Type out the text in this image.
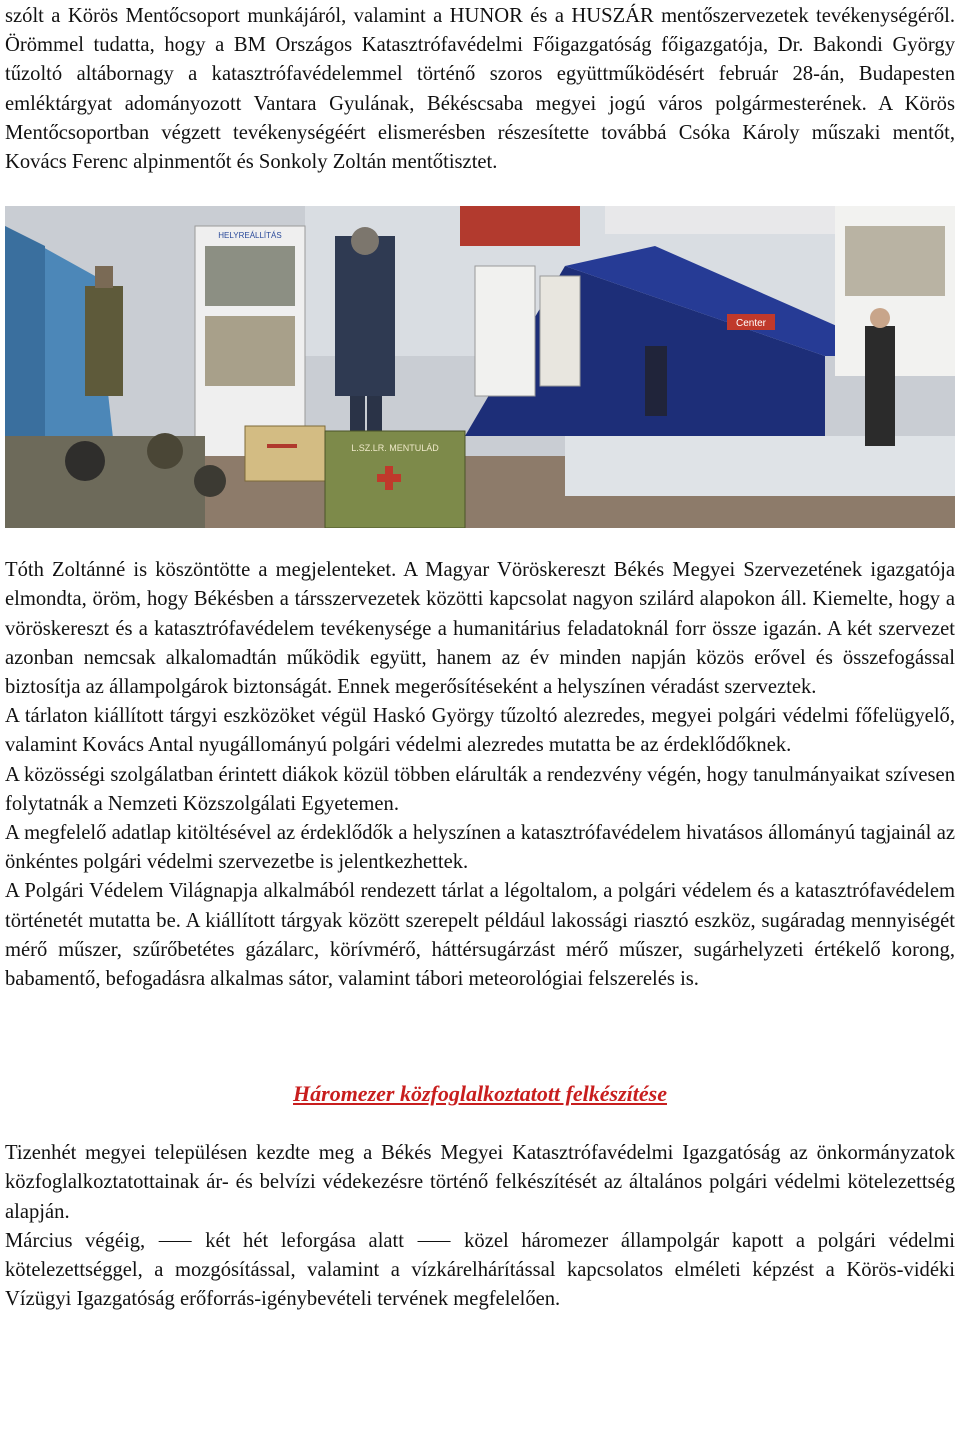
szólt a Körös Mentőcsoport munkájáról, valamint a HUNOR és a HUSZÁR mentőszervezetek tevékenységéről. Örömmel tudatta, hogy a BM Országos Katasztrófavédelmi Főigazgatóság főigazgatója, Dr. Bakondi György tűzoltó altábornagy a katasztrófavédelemmel történő szoros együttműködésért február 28-án, Budapesten emléktárgyat adományozott Vantara Gyulának, Békéscsaba megyei jogú város polgármesterének. A Körös Mentőcsoportban végzett tevékenységéért elismerésben részesítette továbbá Csóka Károly műszaki mentőt, Kovács Ferenc alpinmentőt és Sonkoly Zoltán mentőtisztet.

HELYREÁLLÍTÁS
Center
L.SZ.LR. MENTULÁD

Tóth Zoltánné is köszöntötte a megjelenteket. A Magyar Vöröskereszt Békés Megyei Szervezetének igazgatója elmondta, öröm, hogy Békésben a társszervezetek közötti kapcsolat nagyon szilárd alapokon áll. Kiemelte, hogy a vöröskereszt és a katasztrófavédelem tevékenysége a humanitárius feladatoknál forr össze igazán. A két szervezet azonban nemcsak alkalomadtán működik együtt, hanem az év minden napján közös erővel és összefogással biztosítja az állampolgárok biztonságát. Ennek megerősítéseként a helyszínen véradást szerveztek.

A tárlaton kiállított tárgyi eszközöket végül Haskó György tűzoltó alezredes, megyei polgári védelmi főfelügyelő, valamint Kovács Antal nyugállományú polgári védelmi alezredes mutatta be az érdeklődőknek.

A közösségi szolgálatban érintett diákok közül többen elárulták a rendezvény végén, hogy tanulmányaikat szívesen folytatnák a Nemzeti Közszolgálati Egyetemen.

A megfelelő adatlap kitöltésével az érdeklődők a helyszínen a katasztrófavédelem hivatásos állományú tagjainál az önkéntes polgári védelmi szervezetbe is jelentkezhettek.

A Polgári Védelem Világnapja alkalmából rendezett tárlat a légoltalom, a polgári védelem és a katasztrófavédelem történetét mutatta be. A kiállított tárgyak között szerepelt például lakossági riasztó eszköz, sugáradag mennyiségét mérő műszer, szűrőbetétes gázálarc, körívmérő, háttérsugárzást mérő műszer, sugárhelyzeti értékelő korong, babamentő, befogadásra alkalmas sátor, valamint tábori meteorológiai felszerelés is.

Háromezer közfoglalkoztatott felkészítése

Tizenhét megyei településen kezdte meg a Békés Megyei Katasztrófavédelmi Igazgatóság az önkormányzatok közfoglalkoztatottainak ár- és belvízi védekezésre történő felkészítését az általános polgári védelmi kötelezettség alapján.

Március végéig, ⸺ két hét leforgása alatt ⸺ közel háromezer állampolgár kapott a polgári védelmi kötelezettséggel, a mozgósítással, valamint a vízkárelhárítással kapcsolatos elméleti képzést a Körös-vidéki Vízügyi Igazgatóság erőforrás-igénybevételi tervének megfelelően.
